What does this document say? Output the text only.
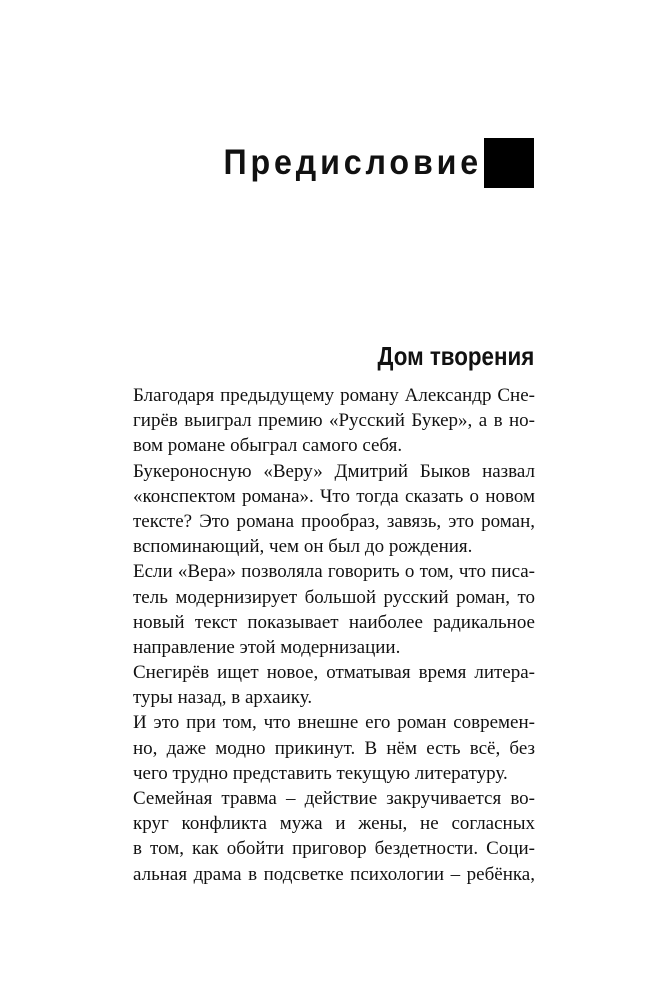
Предисловие
Дом творения
Благодаря предыдущему роману Александр Сне-
гирёв выиграл премию «Русский Букер», а в но-
вом романе обыграл самого себя.
Букероносную «Веру» Дмитрий Быков назвал
«конспектом романа». Что тогда сказать о новом
тексте? Это романа прообраз, завязь, это роман,
вспоминающий, чем он был до рождения.
Если «Вера» позволяла говорить о том, что писа-
тель модернизирует большой русский роман, то
новый текст показывает наиболее радикальное
направление этой модернизации.
Снегирёв ищет новое, отматывая время литера-
туры назад, в архаику.
И это при том, что внешне его роман современ-
но, даже модно прикинут. В нём есть всё, без
чего трудно представить текущую литературу.
Семейная травма – действие закручивается во-
круг конфликта мужа и жены, не согласных
в том, как обойти приговор бездетности. Соци-
альная драма в подсветке психологии – ребёнка,
